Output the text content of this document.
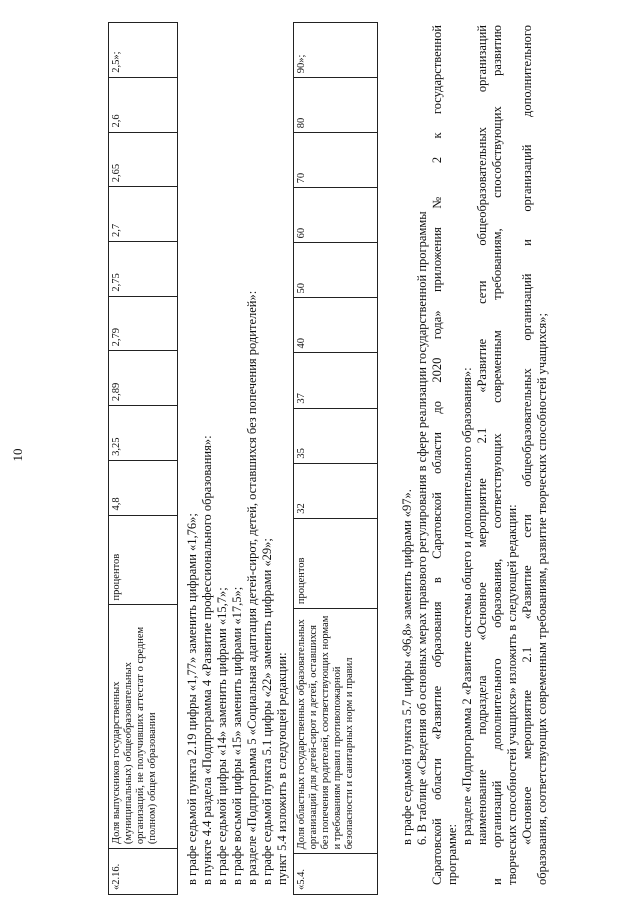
10
«2.16.	Доля выпускников государственных (муниципальных) общеобразовательных организаций, не получивших аттестат о среднем (полном) общем образовании	процентов	4,8	3,25	2,89	2,79	2,75	2,7	2,65	2,6	2,5»;
в графе седьмой пункта 2.19 цифры «1,77» заменить цифрами «1,76»; в пункте 4.4 раздела «Подпрограмма 4 «Развитие профессионального образования»: в графе седьмой цифры «14» заменить цифрами «15,7»; в графе восьмой цифры «15» заменить цифрами «17,5»; в разделе «Подпрограмма 5 «Социальная адаптация детей-сирот, детей, оставшихся без попечения родителей»: в графе седьмой пункта 5.1 цифры «22» заменить цифрами «29»; пункт 5.4 изложить в следующей редакции: «5.4.	Доля областных государственных образовательных организаций для детей-сирот и детей, оставшихся без попечения родителей, соответствующих нормам и требованиям правил противопожарной безопасности и санитарных норм и правил	процентов	32	35	37	40	50	60	70	80	90»;
в графе седьмой пункта 5.7 цифры «96,8» заменить цифрами «97». 6. В таблице «Сведения об основных мерах правового регулирования в сфере реализации государственной программы Саратовской области «Развитие образования в Саратовской области до 2020 года» приложения № 2 к государственной программе:
в разделе «Подпрограмма 2 «Развитие системы общего и дополнительного образования»: наименование подраздела «Основное мероприятие 2.1 «Развитие сети общеобразовательных организаций и организаций дополнительного образования, соответствующих современным требованиям, способствующих развитию творческих способностей учащихся» изложить в следующей редакции: «Основное мероприятие 2.1 «Развитие сети общеобразовательных организаций и организаций дополнительного образования, соответствующих современным требованиям, развитие творческих способностей учащихся»;
